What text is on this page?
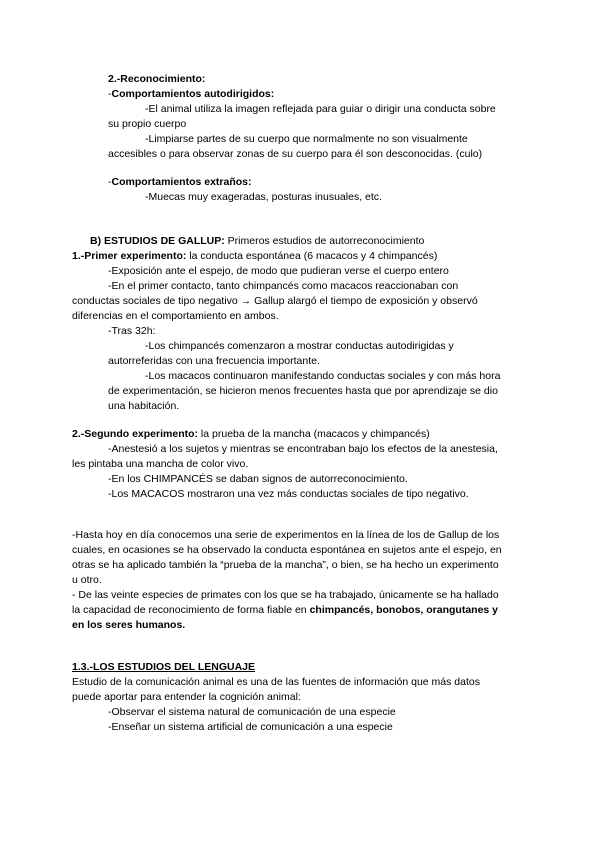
2.-Reconocimiento:
-Comportamientos autodirigidos:
-El animal utiliza la imagen reflejada para guiar o dirigir una conducta sobre
su propio cuerpo
-Limpiarse partes de su cuerpo que normalmente no son visualmente
accesibles o para observar zonas de su cuerpo para él son desconocidas. (culo)
-Comportamientos extraños:
-Muecas muy exageradas, posturas inusuales, etc.
B) ESTUDIOS DE GALLUP: Primeros estudios de autorreconocimiento
1.-Primer experimento: la conducta espontánea (6 macacos y 4 chimpancés)
-Exposición ante el espejo, de modo que pudieran verse el cuerpo entero
-En el primer contacto, tanto chimpancés como macacos reaccionaban con
conductas sociales de tipo negativo → Gallup alargó el tiempo de exposición y observó
diferencias en el comportamiento en ambos.
-Tras 32h:
-Los chimpancés comenzaron a mostrar conductas autodirigidas y
autorreferidas con una frecuencia importante.
-Los macacos continuaron manifestando conductas sociales y con más hora
de experimentación, se hicieron menos frecuentes hasta que por aprendizaje se dio
una habitación.
2.-Segundo experimento: la prueba de la mancha (macacos y chimpancés)
-Anestesió a los sujetos y mientras se encontraban bajo los efectos de la anestesia,
les pintaba una mancha de color vivo.
-En los CHIMPANCÉS se daban signos de autorreconocimiento.
-Los MACACOS mostraron una vez más conductas sociales de tipo negativo.
-Hasta hoy en día conocemos una serie de experimentos en la línea de los de Gallup de los
cuales, en ocasiones se ha observado la conducta espontánea en sujetos ante el espejo, en
otras se ha aplicado también la “prueba de la mancha”, o bien, se ha hecho un experimento
u otro.
- De las veinte especies de primates con los que se ha trabajado, únicamente se ha hallado
la capacidad de reconocimiento de forma fiable en chimpancés, bonobos, orangutanes y
en los seres humanos.
1.3.-LOS ESTUDIOS DEL LENGUAJE
Estudio de la comunicación animal es una de las fuentes de información que más datos
puede aportar para entender la cognición animal:
-Observar el sistema natural de comunicación de una especie
-Enseñar un sistema artificial de comunicación a una especie
